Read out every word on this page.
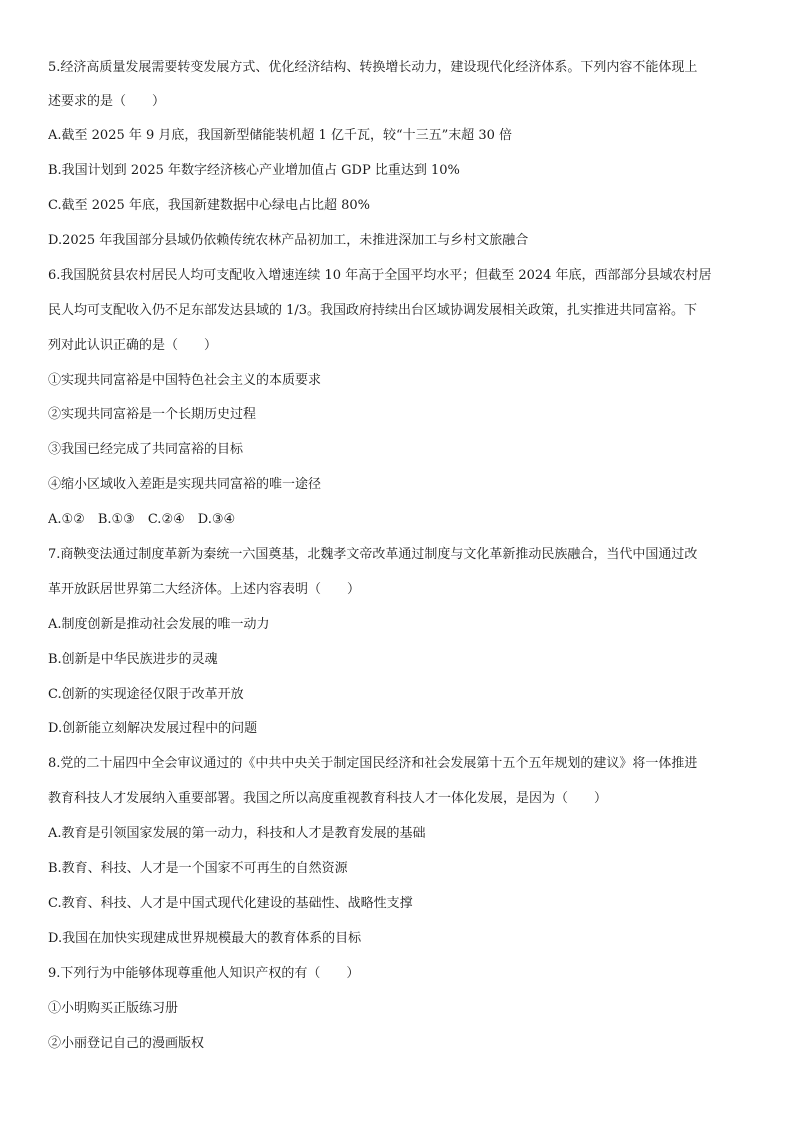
5.经济高质量发展需要转变发展方式、优化经济结构、转换增长动力，建设现代化经济体系。下列内容不能体现上
述要求的是（　　）
A.截至 2025 年 9 月底，我国新型储能装机超 1 亿千瓦，较“十三五”末超 30 倍
B.我国计划到 2025 年数字经济核心产业增加值占 GDP 比重达到 10%
C.截至 2025 年底，我国新建数据中心绿电占比超 80%
D.2025 年我国部分县域仍依赖传统农林产品初加工，未推进深加工与乡村文旅融合
6.我国脱贫县农村居民人均可支配收入增速连续 10 年高于全国平均水平；但截至 2024 年底，西部部分县域农村居
民人均可支配收入仍不足东部发达县域的 1/3。我国政府持续出台区域协调发展相关政策，扎实推进共同富裕。下
列对此认识正确的是（　　）
①实现共同富裕是中国特色社会主义的本质要求
②实现共同富裕是一个长期历史过程
③我国已经完成了共同富裕的目标
④缩小区域收入差距是实现共同富裕的唯一途径
A.①②　B.①③　C.②④　D.③④
7.商鞅变法通过制度革新为秦统一六国奠基，北魏孝文帝改革通过制度与文化革新推动民族融合，当代中国通过改
革开放跃居世界第二大经济体。上述内容表明（　　）
A.制度创新是推动社会发展的唯一动力
B.创新是中华民族进步的灵魂
C.创新的实现途径仅限于改革开放
D.创新能立刻解决发展过程中的问题
8.党的二十届四中全会审议通过的《中共中央关于制定国民经济和社会发展第十五个五年规划的建议》将一体推进
教育科技人才发展纳入重要部署。我国之所以高度重视教育科技人才一体化发展，是因为（　　）
A.教育是引领国家发展的第一动力，科技和人才是教育发展的基础
B.教育、科技、人才是一个国家不可再生的自然资源
C.教育、科技、人才是中国式现代化建设的基础性、战略性支撑
D.我国在加快实现建成世界规模最大的教育体系的目标
9.下列行为中能够体现尊重他人知识产权的有（　　）
①小明购买正版练习册
②小丽登记自己的漫画版权
